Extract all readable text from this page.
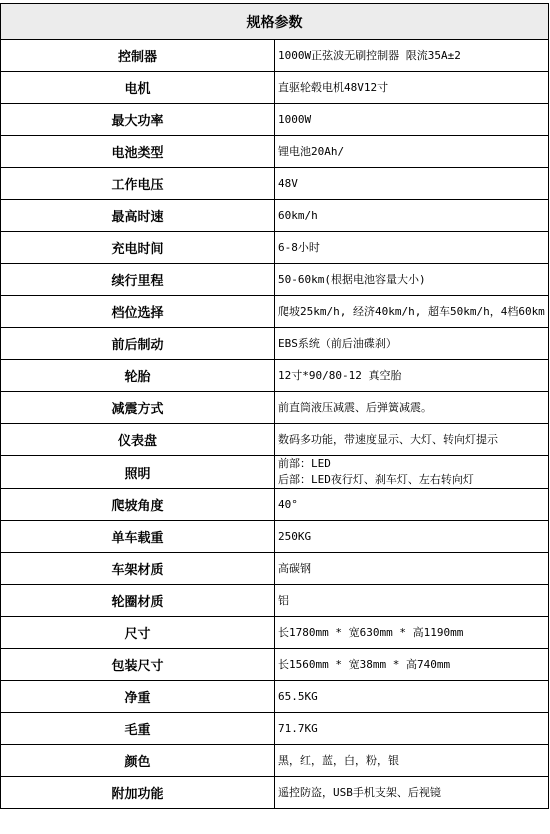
规格参数	
控制器	1000W正弦波无刷控制器 限流35A±2

电机	直驱轮毂电机48V12寸

最大功率	1000W

电池类型	锂电池20Ah/

工作电压	48V

最高时速	60km/h

充电时间	6-8小时

续行里程	50-60km(根据电池容量大小)

档位选择	爬坡25km/h, 经济40km/h, 超车50km/h，4档60km

前后制动	EBS系统（前后油碟刹）

轮胎	12寸*90/80-12 真空胎

减震方式	前直筒液压减震、后弹簧减震。

仪表盘	数码多功能，带速度显示、大灯、转向灯提示

照明	前部：LED
后部：LED夜行灯、刹车灯、左右转向灯

爬坡角度	40°

单车载重	250KG

车架材质	高碳钢

轮圈材质	铝

尺寸	长1780mm * 宽630mm * 高1190mm

包装尺寸	长1560mm * 宽38mm * 高740mm

净重	65.5KG

毛重	71.7KG

颜色	黑，红，蓝，白，粉，银

附加功能	遥控防盗，USB手机支架、后视镜
